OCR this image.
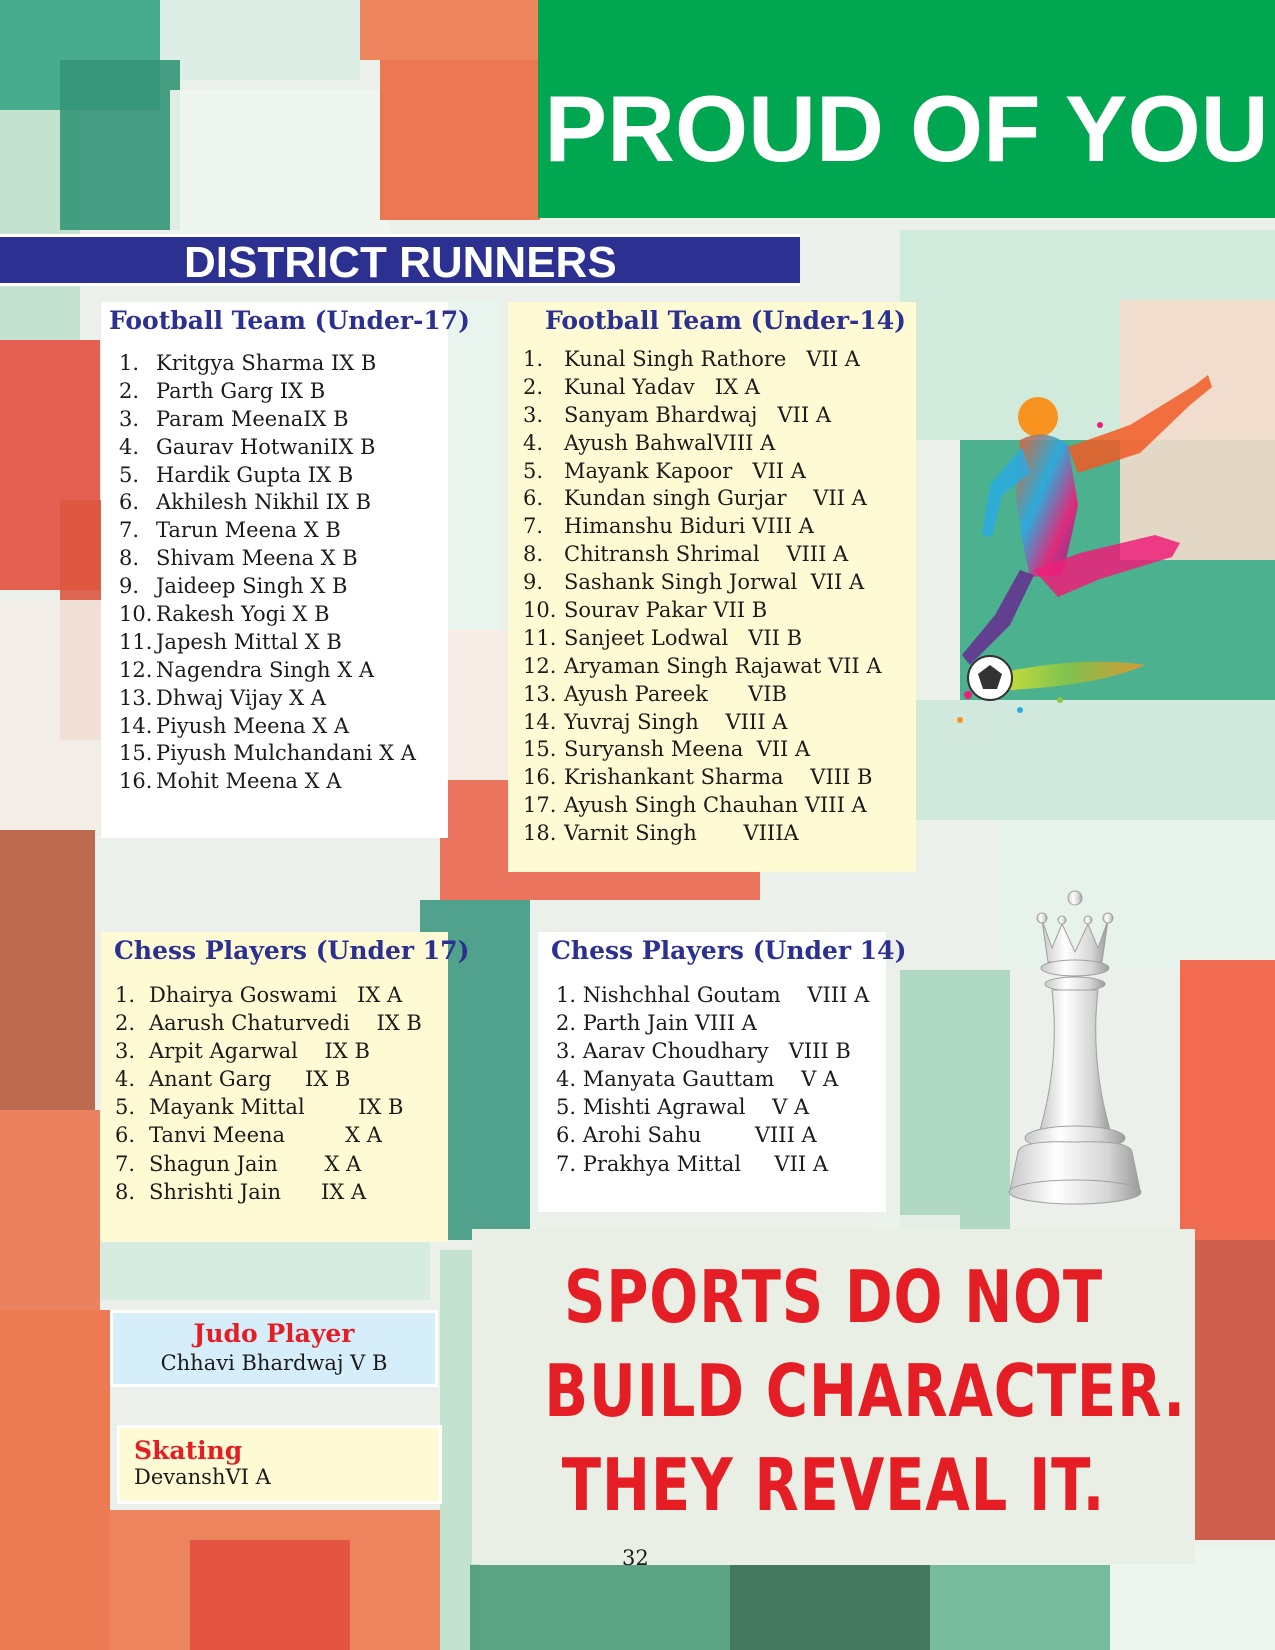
PROUD OF YOU
DISTRICT RUNNERS
Football Team (Under-17)
1. Kritgya Sharma IX B
2. Parth Garg IX B
3. Param MeenaIX B
4. Gaurav HotwaniIX B
5. Hardik Gupta IX B
6. Akhilesh Nikhil IX B
7. Tarun Meena X B
8. Shivam Meena X B
9. Jaideep Singh X B
10. Rakesh Yogi X B
11. Japesh Mittal X B
12. Nagendra Singh X A
13. Dhwaj Vijay X A
14. Piyush Meena X A
15. Piyush Mulchandani X A
16. Mohit Meena X A
Football Team (Under-14)
1. Kunal Singh Rathore   VII A
2. Kunal Yadav   IX A
3. Sanyam Bhardwaj   VII A
4. Ayush BahwalVIII A
5. Mayank Kapoor   VII A
6. Kundan singh Gurjar    VII A
7. Himanshu Biduri VIII A
8. Chitransh Shrimal    VIII A
9. Sashank Singh Jorwal  VII A
10. Sourav Pakar VII B
11. Sanjeet Lodwal   VII B
12. Aryaman Singh Rajawat VII A
13. Ayush Pareek      VIB
14. Yuvraj Singh    VIII A
15. Suryansh Meena  VII A
16. Krishankant Sharma    VIII B
17. Ayush Singh Chauhan VIII A
18. Varnit Singh       VIIIA
Chess Players (Under 17)
1. Dhairya Goswami   IX A
2. Aarush Chaturvedi    IX B
3. Arpit Agarwal    IX B
4. Anant Garg     IX B
5. Mayank Mittal        IX B
6. Tanvi Meena         X A
7. Shagun Jain       X A
8. Shrishti Jain      IX A
Chess Players (Under 14)
1. Nishchhal Goutam    VIII A
2. Parth Jain VIII A
3. Aarav Choudhary   VIII B
4. Manyata Gauttam    V A
5. Mishti Agrawal    V A
6. Arohi Sahu        VIII A
7. Prakhya Mittal     VII A
Judo Player
Chhavi Bhardwaj V B
Skating
DevanshVI A
SPORTS DO NOT
BUILD CHARACTER.
THEY REVEAL IT.
32
